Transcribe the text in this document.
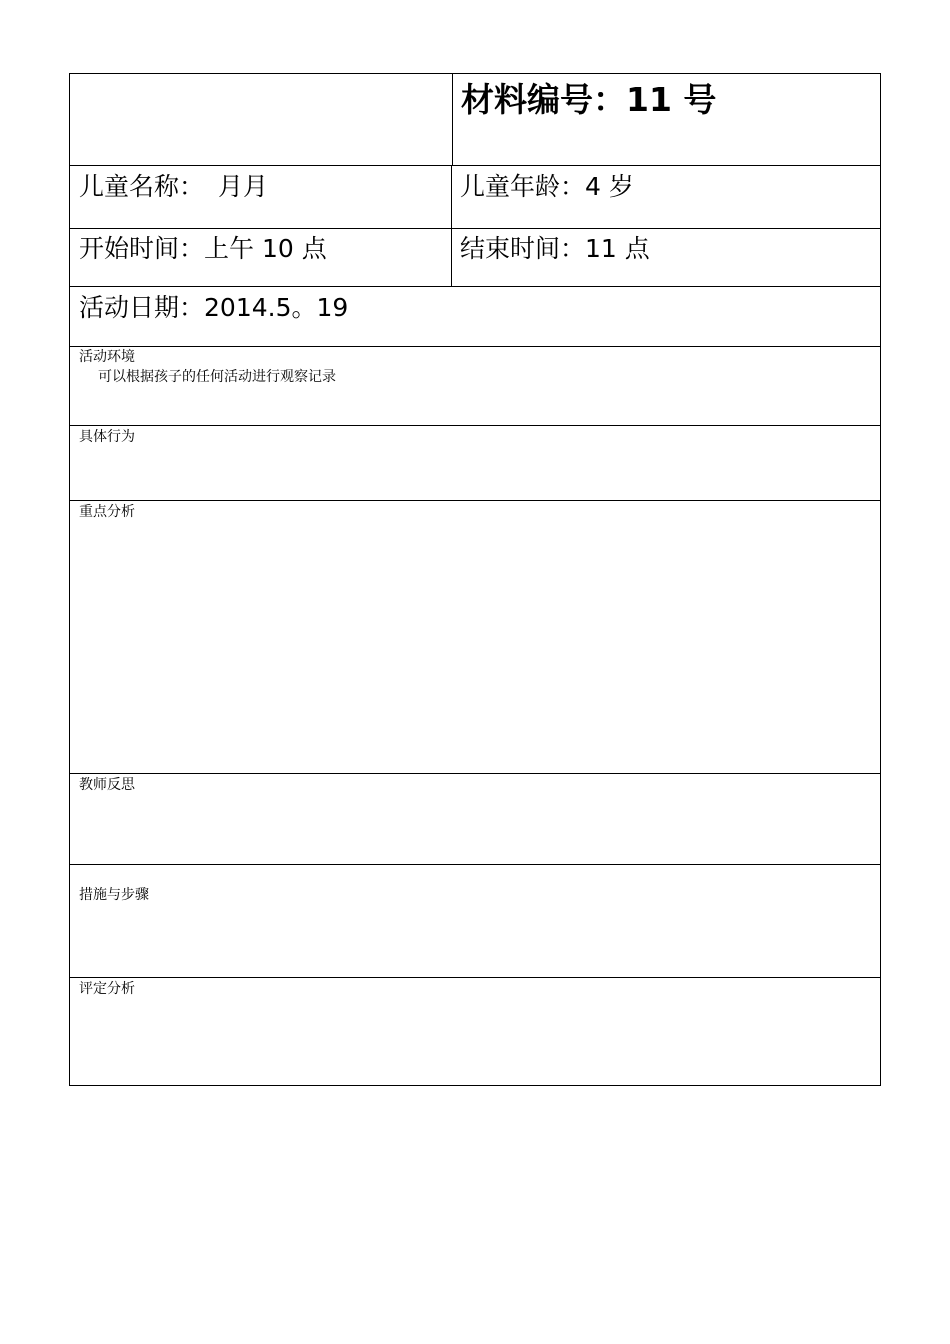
材料编号：11 号
儿童名称： 月月	儿童年龄：4 岁
开始时间：上午 10 点	结束时间：11 点
活动日期：2014.5。19
活动环境
可以根据孩子的任何活动进行观察记录
具体行为
重点分析
教师反思
措施与步骤
评定分析
